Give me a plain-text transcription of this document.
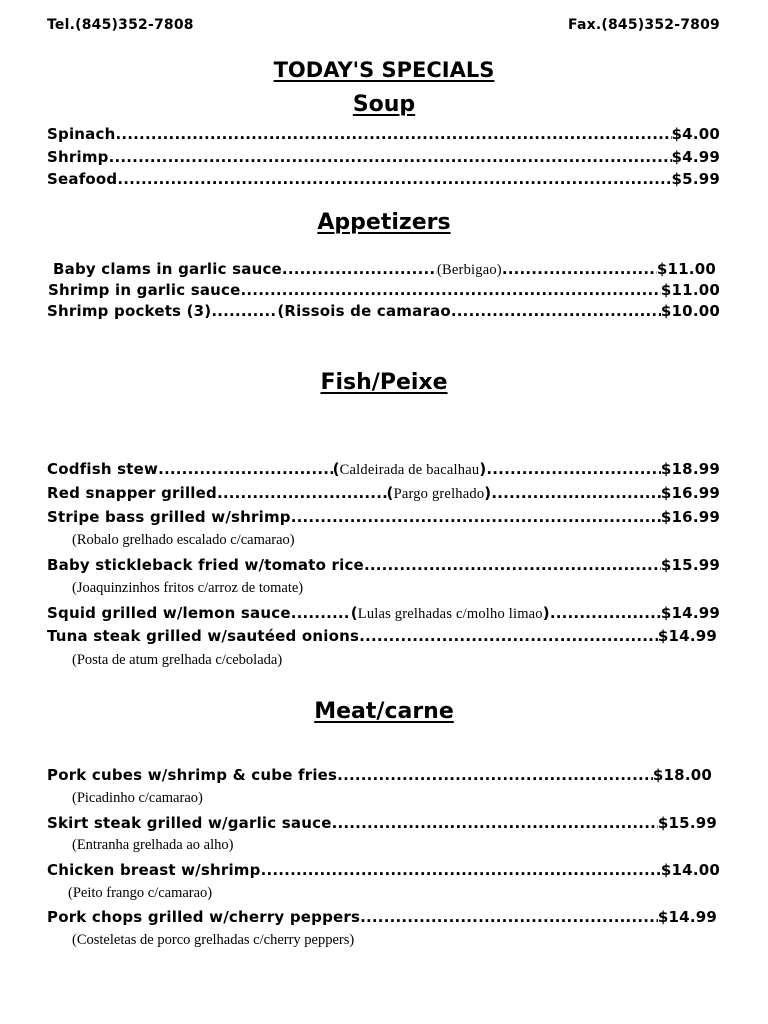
Tel.(845)352-7808	Fax.(845)352-7809
TODAY'S SPECIALS
Soup
Spinach .....	$4.00
Shrimp .....	$4.99
Seafood .....	$5.99
Appetizers
Baby clams in garlic sauce .....	(Berbigao) .....	$11.00
Shrimp in garlic sauce .....	$11.00
Shrimp pockets (3) .....	(Rissois de camarao .....	$10.00
Fish/Peixe
Codfish stew .....	( Caldeirada de bacalhau ) .....	$18.99
Red snapper grilled .....	( Pargo grelhado ) .....	$16.99
Stripe bass grilled w/shrimp .....	$16.99
(Robalo grelhado escalado c/camarao)
Baby stickleback fried w/tomato rice .....	$15.99
(Joaquinzinhos fritos c/arroz de tomate)
Squid grilled w/lemon sauce .....	( Lulas grelhadas c/molho limao ) .....	$14.99
Tuna steak grilled w/sautéed onions .....	$14.99
(Posta de atum grelhada c/cebolada)
Meat/carne
Pork cubes w/shrimp & cube fries .....	$18.00
(Picadinho c/camarao)
Skirt steak grilled w/garlic sauce .....	$15.99
(Entranha grelhada ao alho)
Chicken breast w/shrimp .....	$14.00
(Peito frango c/camarao)
Pork chops grilled w/cherry peppers .....	$14.99
(Costeletas de porco grelhadas c/cherry peppers)
